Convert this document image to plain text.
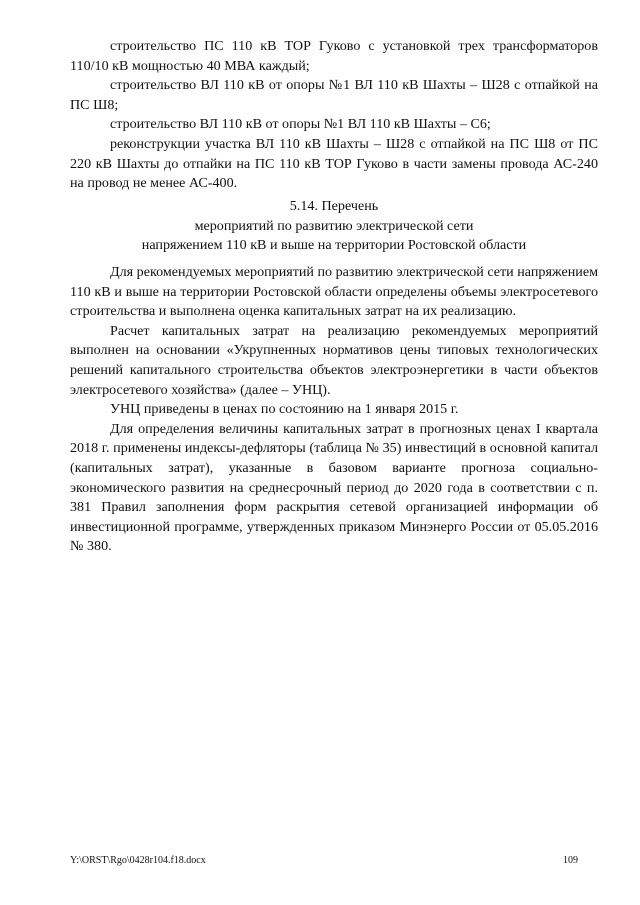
строительство ПС 110 кВ ТОР Гуково с установкой трех трансформаторов 110/10 кВ мощностью 40 МВА каждый;

строительство ВЛ 110 кВ от опоры №1 ВЛ 110 кВ Шахты – Ш28 с отпайкой на ПС Ш8;

строительство ВЛ 110 кВ от опоры №1 ВЛ 110 кВ Шахты – С6;

реконструкции участка ВЛ 110 кВ Шахты – Ш28 с отпайкой на ПС Ш8 от ПС 220 кВ Шахты до отпайки на ПС 110 кВ ТОР Гуково в части замены провода АС-240 на провод не менее АС-400.

5.14. Перечень

мероприятий по развитию электрической сети

напряжением 110 кВ и выше на территории Ростовской области

Для рекомендуемых мероприятий по развитию электрической сети напряжением 110 кВ и выше на территории Ростовской области определены объемы электросетевого строительства и выполнена оценка капитальных затрат на их реализацию.

Расчет капитальных затрат на реализацию рекомендуемых мероприятий выполнен на основании «Укрупненных нормативов цены типовых технологических решений капитального строительства объектов электроэнергетики в части объектов электросетевого хозяйства» (далее – УНЦ).

УНЦ приведены в ценах по состоянию на 1 января 2015 г.

Для определения величины капитальных затрат в прогнозных ценах I квартала 2018 г. применены индексы-дефляторы (таблица № 35) инвестиций в основной капитал (капитальных затрат), указанные в базовом варианте прогноза социально-экономического развития на среднесрочный период до 2020 года в соответствии с п. 381 Правил заполнения форм раскрытия сетевой организацией информации об инвестиционной программе, утвержденных приказом Минэнерго России от 05.05.2016 № 380.

Y:\ORST\Rgo\0428r104.f18.docx	109
